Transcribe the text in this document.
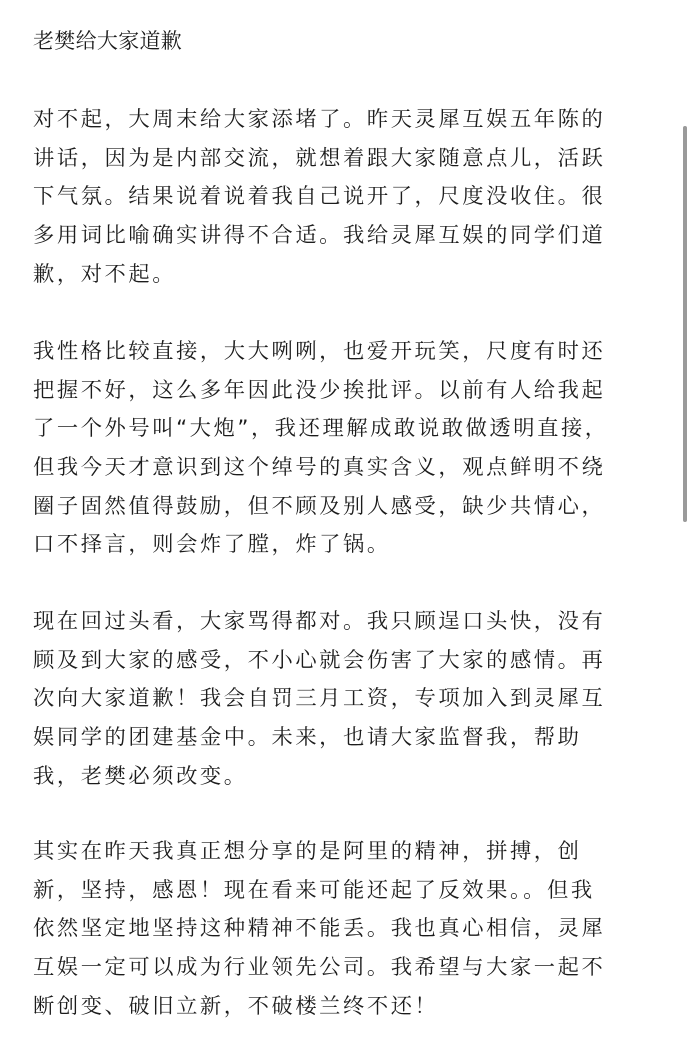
老樊给大家道歉
对不起，大周末给大家添堵了。昨天灵犀互娱五年陈的
讲话，因为是内部交流，就想着跟大家随意点儿，活跃
下气氛。结果说着说着我自己说开了，尺度没收住。很
多用词比喻确实讲得不合适。我给灵犀互娱的同学们道
歉，对不起。
我性格比较直接，大大咧咧，也爱开玩笑，尺度有时还
把握不好，这么多年因此没少挨批评。以前有人给我起
了一个外号叫“大炮”，我还理解成敢说敢做透明直接，
但我今天才意识到这个绰号的真实含义，观点鲜明不绕
圈子固然值得鼓励，但不顾及别人感受，缺少共情心，
口不择言，则会炸了膛，炸了锅。
现在回过头看，大家骂得都对。我只顾逞口头快，没有
顾及到大家的感受，不小心就会伤害了大家的感情。再
次向大家道歉！我会自罚三月工资，专项加入到灵犀互
娱同学的团建基金中。未来，也请大家监督我，帮助
我，老樊必须改变。
其实在昨天我真正想分享的是阿里的精神，拼搏，创
新，坚持，感恩！现在看来可能还起了反效果。。但我
依然坚定地坚持这种精神不能丢。我也真心相信，灵犀
互娱一定可以成为行业领先公司。我希望与大家一起不
断创变、破旧立新，不破楼兰终不还！
